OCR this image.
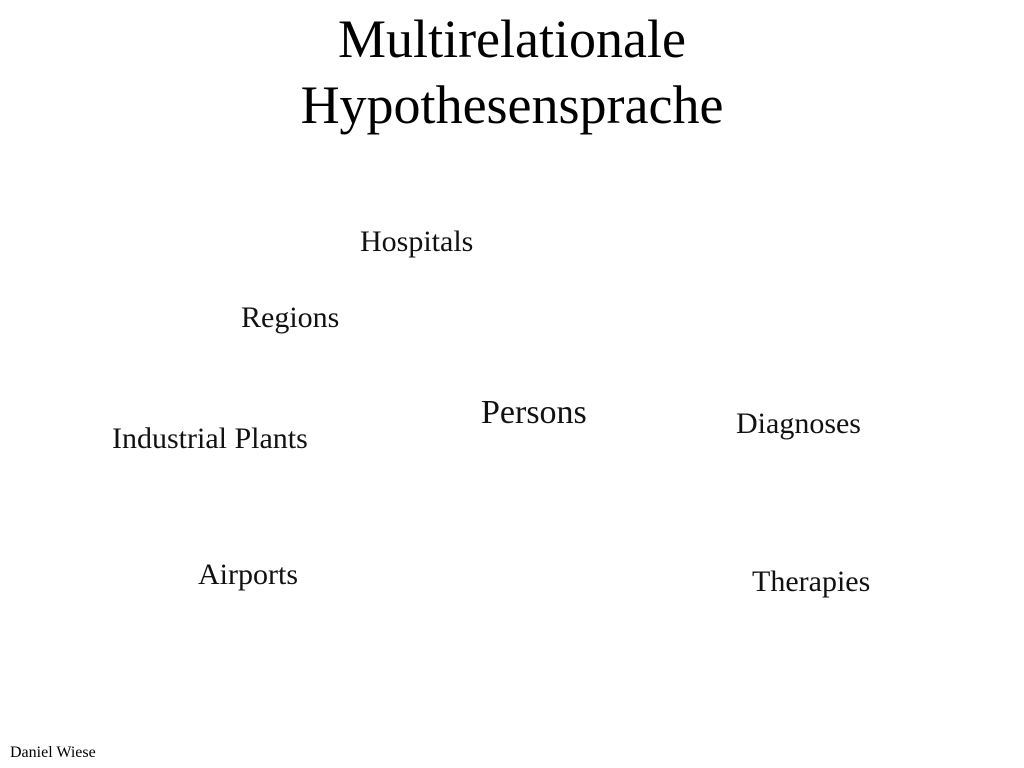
Multirelationale
Hypothesensprache
Hospitals
Regions
Persons
Industrial Plants	Diagnoses
Airports	Therapies
Daniel Wiese
